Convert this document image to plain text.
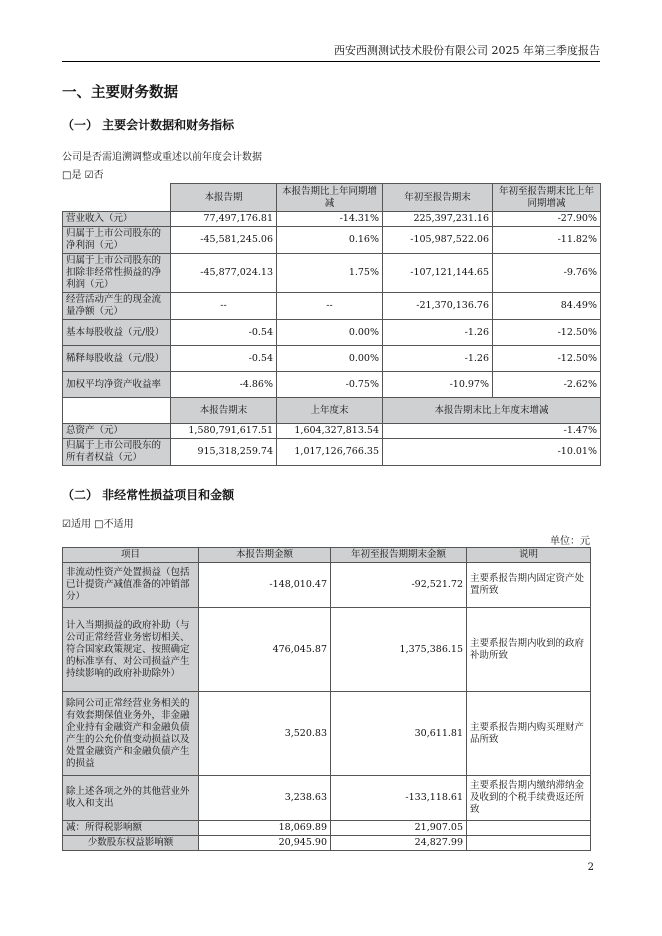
西安西测测试技术股份有限公司 2025 年第三季度报告
一、主要财务数据
（一） 主要会计数据和财务指标
公司是否需追溯调整或重述以前年度会计数据
□是 ☑否
	本报告期	本报告期比上年同期增减	年初至报告期末	年初至报告期末比上年同期增减
营业收入（元）	77,497,176.81	-14.31%	225,397,231.16	-27.90%
归属于上市公司股东的净利润（元）	-45,581,245.06	0.16%	-105,987,522.06	-11.82%
归属于上市公司股东的扣除非经常性损益的净利润（元）	-45,877,024.13	1.75%	-107,121,144.65	-9.76%
经营活动产生的现金流量净额（元）	--	--	-21,370,136.76	84.49%
基本每股收益（元/股）	-0.54	0.00%	-1.26	-12.50%
稀释每股收益（元/股）	-0.54	0.00%	-1.26	-12.50%
加权平均净资产收益率	-4.86%	-0.75%	-10.97%	-2.62%
	本报告期末	上年度末	本报告期末比上年度末增减	
总资产（元）	1,580,791,617.51	1,604,327,813.54	-1.47%	
归属于上市公司股东的所有者权益（元）	915,318,259.74	1,017,126,766.35	-10.01%	
（二） 非经常性损益项目和金额
☑适用 □不适用
单位：元
项目	本报告期金额	年初至报告期期末金额	说明
非流动性资产处置损益（包括已计提资产减值准备的冲销部分）	-148,010.47	-92,521.72	主要系报告期内固定资产处置所致
计入当期损益的政府补助（与公司正常经营业务密切相关、符合国家政策规定、按照确定的标准享有、对公司损益产生持续影响的政府补助除外）	476,045.87	1,375,386.15	主要系报告期内收到的政府补助所致
除同公司正常经营业务相关的有效套期保值业务外，非金融企业持有金融资产和金融负债产生的公允价值变动损益以及处置金融资产和金融负债产生的损益	3,520.83	30,611.81	主要系报告期内购买理财产品所致
除上述各项之外的其他营业外收入和支出	3,238.63	-133,118.61	主要系报告期内缴纳滞纳金及收到的个税手续费返还所致
减：所得税影响额	18,069.89	21,907.05	
少数股东权益影响额	20,945.90	24,827.99	
2
